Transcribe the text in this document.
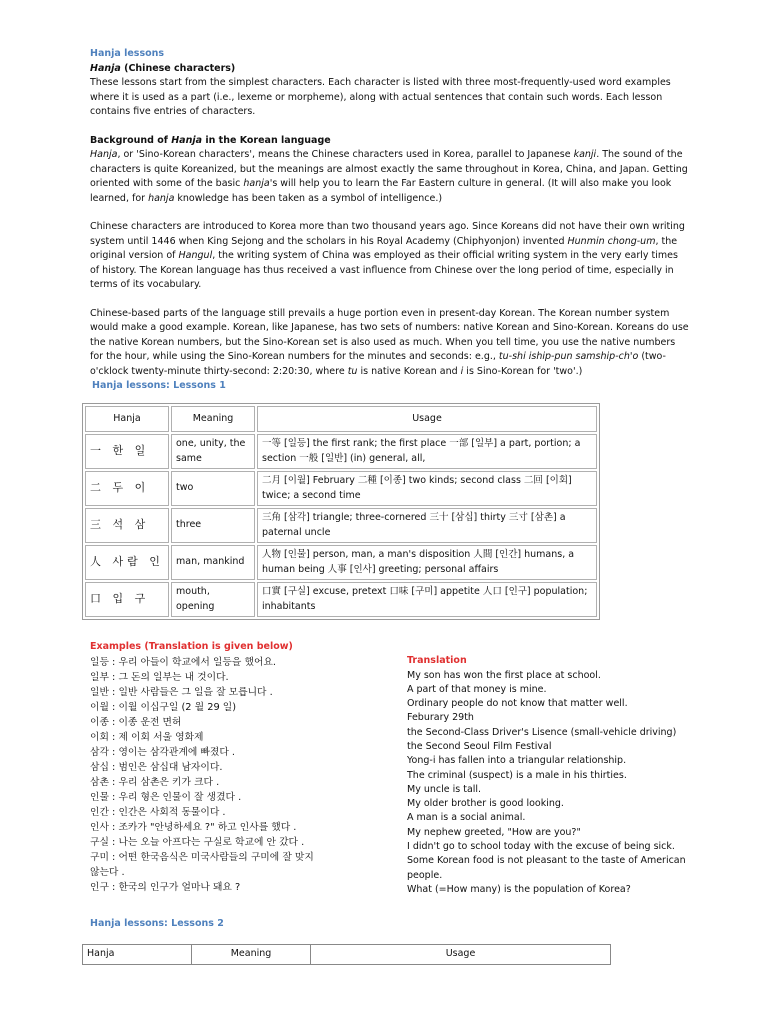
Hanja lessons

Hanja (Chinese characters)

These lessons start from the simplest characters. Each character is listed with three most-frequently-used word examples where it is used as a part (i.e., lexeme or morpheme), along with actual sentences that contain such words. Each lesson contains five entries of characters.

Background of Hanja in the Korean language

Hanja, or 'Sino-Korean characters', means the Chinese characters used in Korea, parallel to Japanese kanji. The sound of the characters is quite Koreanized, but the meanings are almost exactly the same throughout in Korea, China, and Japan. Getting oriented with some of the basic hanja's will help you to learn the Far Eastern culture in general. (It will also make you look learned, for hanja knowledge has been taken as a symbol of intelligence.)

Chinese characters are introduced to Korea more than two thousand years ago. Since Koreans did not have their own writing system until 1446 when King Sejong and the scholars in his Royal Academy (Chiphyonjon) invented Hunmin chong-um, the original version of Hangul, the writing system of China was employed as their official writing system in the very early times of history. The Korean language has thus received a vast influence from Chinese over the long period of time, especially in terms of its vocabulary.

Chinese-based parts of the language still prevails a huge portion even in present-day Korean. The Korean number system would make a good example. Korean, like Japanese, has two sets of numbers: native Korean and Sino-Korean. Koreans do use the native Korean numbers, but the Sino-Korean set is also used as much. When you tell time, you use the native numbers for the hour, while using the Sino-Korean numbers for the minutes and seconds: e.g., tu-shi iship-pun samship-ch'o (two-o'cklock twenty-minute thirty-second: 2:20:30, where tu is native Korean and i is Sino-Korean for 'two'.)

Hanja lessons: Lessons 1

Hanja	Meaning	Usage
一 한 일	one, unity, the same	一等 [일등] the first rank; the first place 一部 [일부] a part, portion; a section 一般 [일반] (in) general, all,
二 두 이	two	二月 [이월] February 二種 [이종] two kinds; second class 二回 [이회] twice; a second time
三 석 삼	three	三角 [삼각] triangle; three-cornered 三十 [삼십] thirty 三寸 [삼촌] a paternal uncle
人 사람 인	man, mankind	人物 [인물] person, man, a man's disposition 人間 [인간] humans, a human being 人事 [인사] greeting; personal affairs
口 입 구	mouth, opening	口實 [구실] excuse, pretext 口味 [구미] appetite 人口 [인구] population; inhabitants

Examples (Translation is given below)

일등 : 우리 아들이 학교에서 일등을 했어요.
일부 : 그 돈의 일부는 내 것이다.
일반 : 일반 사람들은 그 일을 잘 모릅니다 .
이월 : 이월 이십구일 (2 월 29 일)
이종 : 이종 운전 면허
이회 : 제 이회 서울 영화제
삼각 : 영이는 삼각관계에 빠졌다 .
삼십 : 범인은 삼십대 남자이다.
삼촌 : 우리 삼촌은 키가 크다 .
인물 : 우리 형은 인물이 잘 생겼다 .
인간 : 인간은 사회적 동물이다 .
인사 : 조카가 "안녕하세요 ?" 하고 인사를 했다 .
구실 : 나는 오늘 아프다는 구실로 학교에 안 갔다 .
구미 : 어떤 한국음식은 미국사람들의 구미에 잘 맞지
않는다 .
인구 : 한국의 인구가 얼마나 돼요 ?

Translation

My son has won the first place at school.
A part of that money is mine.
Ordinary people do not know that matter well.
Feburary 29th
the Second-Class Driver's Lisence (small-vehicle driving)
the Second Seoul Film Festival
Yong-i has fallen into a triangular relationship.
The criminal (suspect) is a male in his thirties.
My uncle is tall.
My older brother is good looking.
A man is a social animal.
My nephew greeted, "How are you?"
I didn't go to school today with the excuse of being sick.
Some Korean food is not pleasant to the taste of American people.
What (=How many) is the population of Korea?

Hanja lessons: Lessons 2

Hanja	Meaning	Usage
